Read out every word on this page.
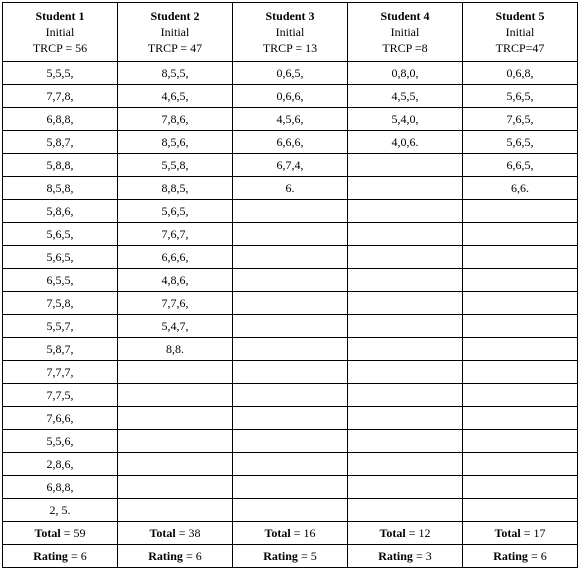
Student 1
Initial
TRCP = 56	Student 2
Initial
TRCP = 47	Student 3
Initial
TRCP = 13	Student 4
Initial
TRCP =8	Student 5
Initial
TRCP=47

5,5,5,	8,5,5,	0,6,5,	0,8,0,	0,6,8,
7,7,8,	4,6,5,	0,6,6,	4,5,5,	5,6,5,
6,8,8,	7,8,6,	4,5,6,	5,4,0,	7,6,5,
5,8,7,	8,5,6,	6,6,6,	4,0,6.	5,6,5,
5,8,8,	5,5,8,	6,7,4,		6,6,5,
8,5,8,	8,8,5,	6.		6,6.
5,8,6,	5,6,5,			
5,6,5,	7,6,7,			
5,6,5,	6,6,6,			
6,5,5,	4,8,6,			
7,5,8,	7,7,6,			
5,5,7,	5,4,7,			
5,8,7,	8,8.			
7,7,7,				
7,7,5,				
7,6,6,				
5,5,6,				
2,8,6,				
6,8,8,				
2, 5.				
Total = 59	Total = 38	Total = 16	Total = 12	Total = 17
Rating = 6	Rating = 6	Rating = 5	Rating = 3	Rating = 6
